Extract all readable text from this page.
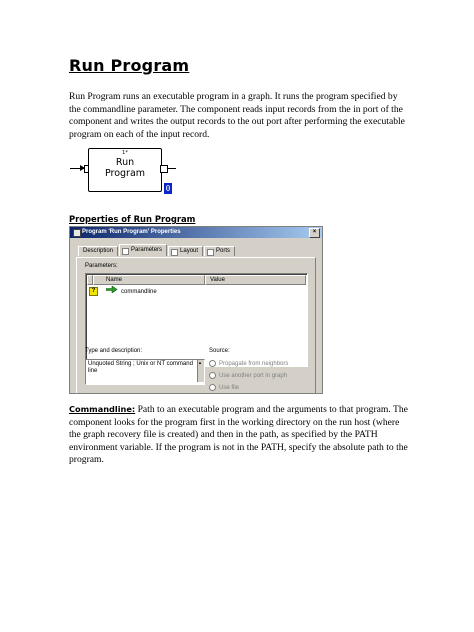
Run Program
Run Program runs an executable program in a graph. It runs the program specified by the commandline parameter. The component reads input records from the in port of the component and writes the output records to the out port after performing the executable program on each of the input record.
1*
Run
Program
0
Properties of Run Program
Program 'Run Program' Properties	×
Description	Parameters	Layout	Ports
Parameters:
Name	Value
?	commandline
Type and description:	Source:
Unquoted String ; Unix or NT command line
▲
Propagate from neighbors
Use another port in graph
Use file
Commandline: Path to an executable program and the arguments to that program. The component looks for the program first in the working directory on the run host (where the graph recovery file is created) and then in the path, as specified by the PATH environment variable. If the program is not in the PATH, specify the absolute path to the program.
